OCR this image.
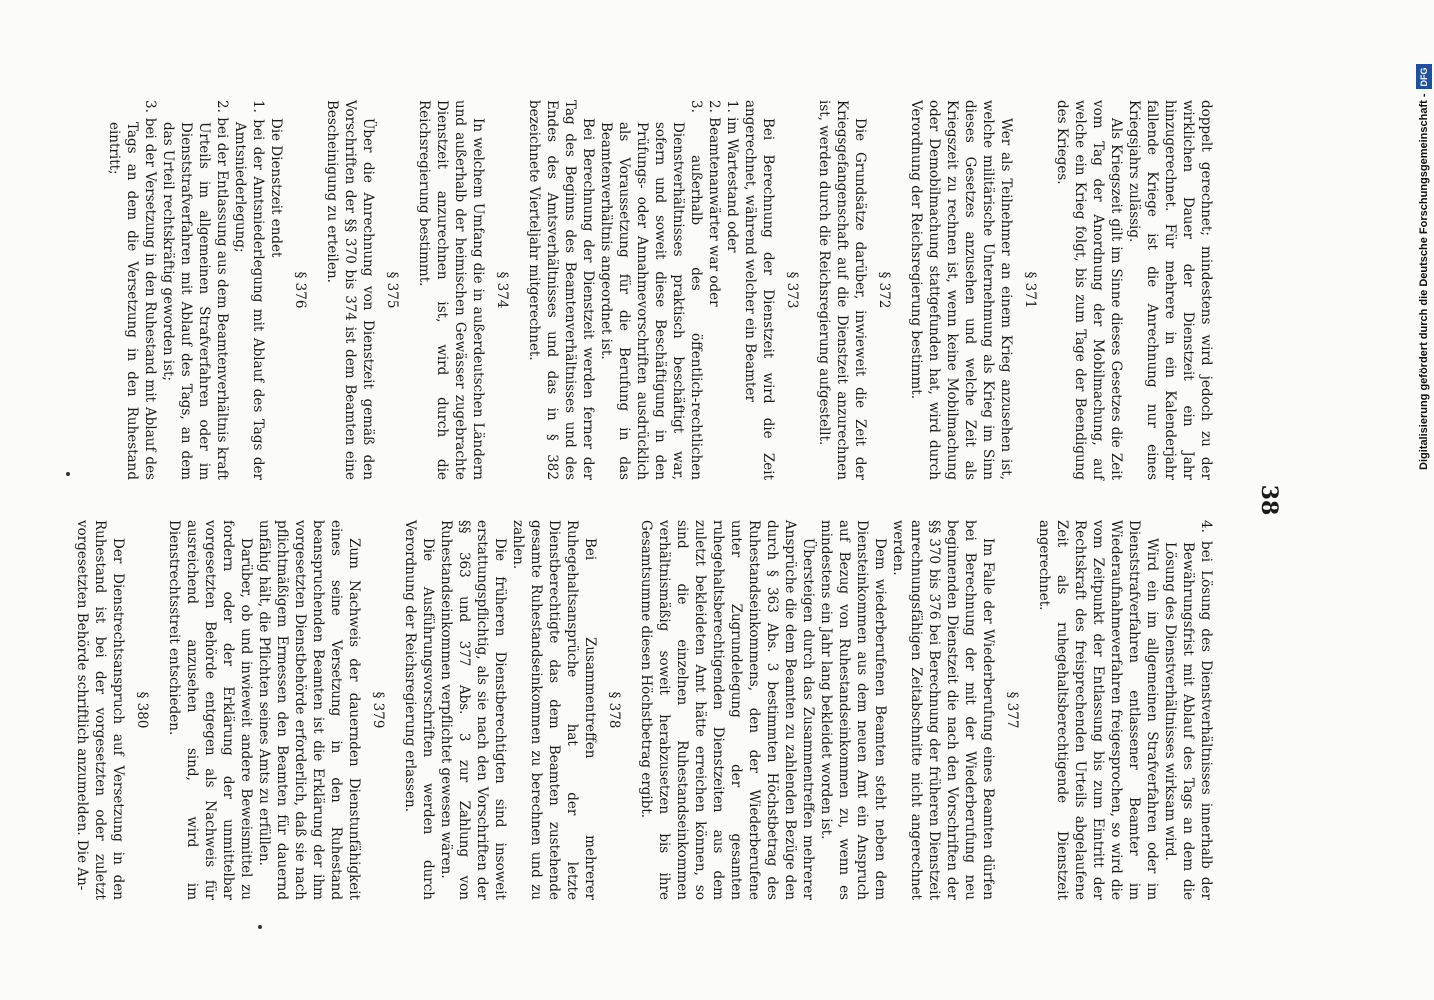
38

doppelt gerechnet; mindestens wird jedoch zu der wirklichen Dauer der Dienstzeit ein Jahr hinzugerechnet. Für mehrere in ein Kalenderjahr fallende Kriege ist die Anrechnung nur eines Kriegsjahrs zulässig.

Als Kriegszeit gilt im Sinne dieses Gesetzes die Zeit vom Tag der Anordnung der Mobilmachung, auf welche ein Krieg folgt, bis zum Tage der Beendigung des Krieges.

§ 371

Wer als Teilnehmer an einem Krieg anzusehen ist, welche militärische Unternehmung als Krieg im Sinn dieses Gesetzes anzusehen und welche Zeit als Kriegszeit zu rechnen ist, wenn keine Mobilmachung oder Demobilmachung stattgefunden hat, wird durch Verordnung der Reichsregierung bestimmt.

§ 372

Die Grundsätze darüber, inwieweit die Zeit der Kriegsgefangenschaft auf die Dienstzeit anzurechnen ist, werden durch die Reichsregierung aufgestellt.

§ 373

Bei Berechnung der Dienstzeit wird die Zeit angerechnet, während welcher ein Beamter

1. im Wartestand oder

2. Beamtenanwärter war oder

3. außerhalb des öffentlich-rechtlichen Dienstverhältnisses praktisch beschäftigt war, sofern und soweit diese Beschäftigung in den Prüfungs- oder Annahmevorschriften ausdrücklich als Voraussetzung für die Berufung in das Beamtenverhältnis angeordnet ist.

Bei Berechnung der Dienstzeit werden ferner der Tag des Beginns des Beamtenverhältnisses und des Endes des Amtsverhältnisses und das in § 382 bezeichnete Vierteljahr mitgerechnet.

§ 374

In welchem Umfang die in außerdeutschen Ländern und außerhalb der heimischen Gewässer zugebrachte Dienstzeit anzurechnen ist, wird durch die Reichsregierung bestimmt.

§ 375

Über die Anrechnung von Dienstzeit gemäß den Vorschriften der §§ 370 bis 374 ist dem Beamten eine Bescheinigung zu erteilen.

§ 376

Die Dienstzeit endet

1. bei der Amtsniederlegung mit Ablauf des Tags der Amtsniederlegung;

2. bei der Entlassung aus dem Beamtenverhältnis kraft Urteils im allgemeinen Strafverfahren oder im Dienststrafverfahren mit Ablauf des Tags, an dem das Urteil rechtskräftig geworden ist;

3. bei der Versetzung in den Ruhestand mit Ablauf des Tags an dem die Versetzung in den Ruhestand eintritt;

4. bei Lösung des Dienstverhältnisses innerhalb der Bewährungsfrist mit Ablauf des Tags an dem die Lösung des Dienstverhältnisses wirksam wird.

Wird ein im allgemeinen Strafverfahren oder im Dienststrafverfahren entlassener Beamter im Wiederaufnahmeverfahren freigesprochen, so wird die vom Zeitpunkt der Entlassung bis zum Eintritt der Rechtskraft des freisprechenden Urteils abgelaufene Zeit als ruhegehaltsberechtigende Dienstzeit angerechnet.

§ 377

Im Falle der Wiederberufung eines Beamten dürfen bei Berechnung der mit der Wiederberufung neu beginnenden Dienstzeit die nach den Vorschriften der §§ 370 bis 376 bei Berechnung der früheren Dienstzeit anrechnungsfähigen Zeitabschnitte nicht angerechnet werden.

Dem wiederberufenen Beamten steht neben dem Diensteinkommen aus dem neuen Amt ein Anspruch auf Bezug von Ruhestandseinkommen zu, wenn es mindestens ein Jahr lang bekleidet worden ist.

Übersteigen durch das Zusammentreffen mehrerer Ansprüche die dem Beamten zu zahlenden Bezüge den durch § 363 Abs. 3 bestimmten Höchstbetrag des Ruhestandseinkommens, den der Wiederberufene unter Zugrundelegung der gesamten ruhegehaltsberechtigenden Dienstzeiten aus dem zuletzt bekleideten Amt hätte erreichen können, so sind die einzelnen Ruhestandseinkommen verhältnismäßig soweit herabzusetzen bis ihre Gesamtsumme diesen Höchstbetrag ergibt.

§ 378

Bei Zusammentreffen mehrerer Ruhegehaltsansprüche hat der letzte Dienstberechtigte das dem Beamten zustehende gesamte Ruhestandseinkommen zu berechnen und zu zahlen.

Die früheren Dienstberechtigten sind insoweit erstattungspflichtig, als sie nach den Vorschriften der §§ 363 und 377 Abs. 3 zur Zahlung von Ruhestandseinkommen verpflichtet gewesen wären.

Die Ausführungsvorschriften werden durch Verordnung der Reichsregierung erlassen.

§ 379

Zum Nachweis der dauernden Dienstunfähigkeit eines seine Versetzung in den Ruhestand beanspruchenden Beamten ist die Erklärung der ihm vorgesetzten Dienstbehörde erforderlich, daß sie nach pflichtmäßigem Ermessen den Beamten für dauernd unfähig hält, die Pflichten seines Amts zu erfüllen.

Darüber, ob und inwieweit andere Beweismittel zu fordern oder der Erklärung der unmittelbar vorgesetzten Behörde entgegen als Nachweis für ausreichend anzusehen sind, wird im Dienstrechtsstreit entschieden.

§ 380

Der Dienstrechtsanspruch auf Versetzung in den Ruhestand ist bei der vorgesetzten oder zuletzt vorgesetzten Behörde schriftlich anzumelden. Die An-

Digitalisierung gefördert durch die Deutsche Forschungsgemeinschaft -DFG
